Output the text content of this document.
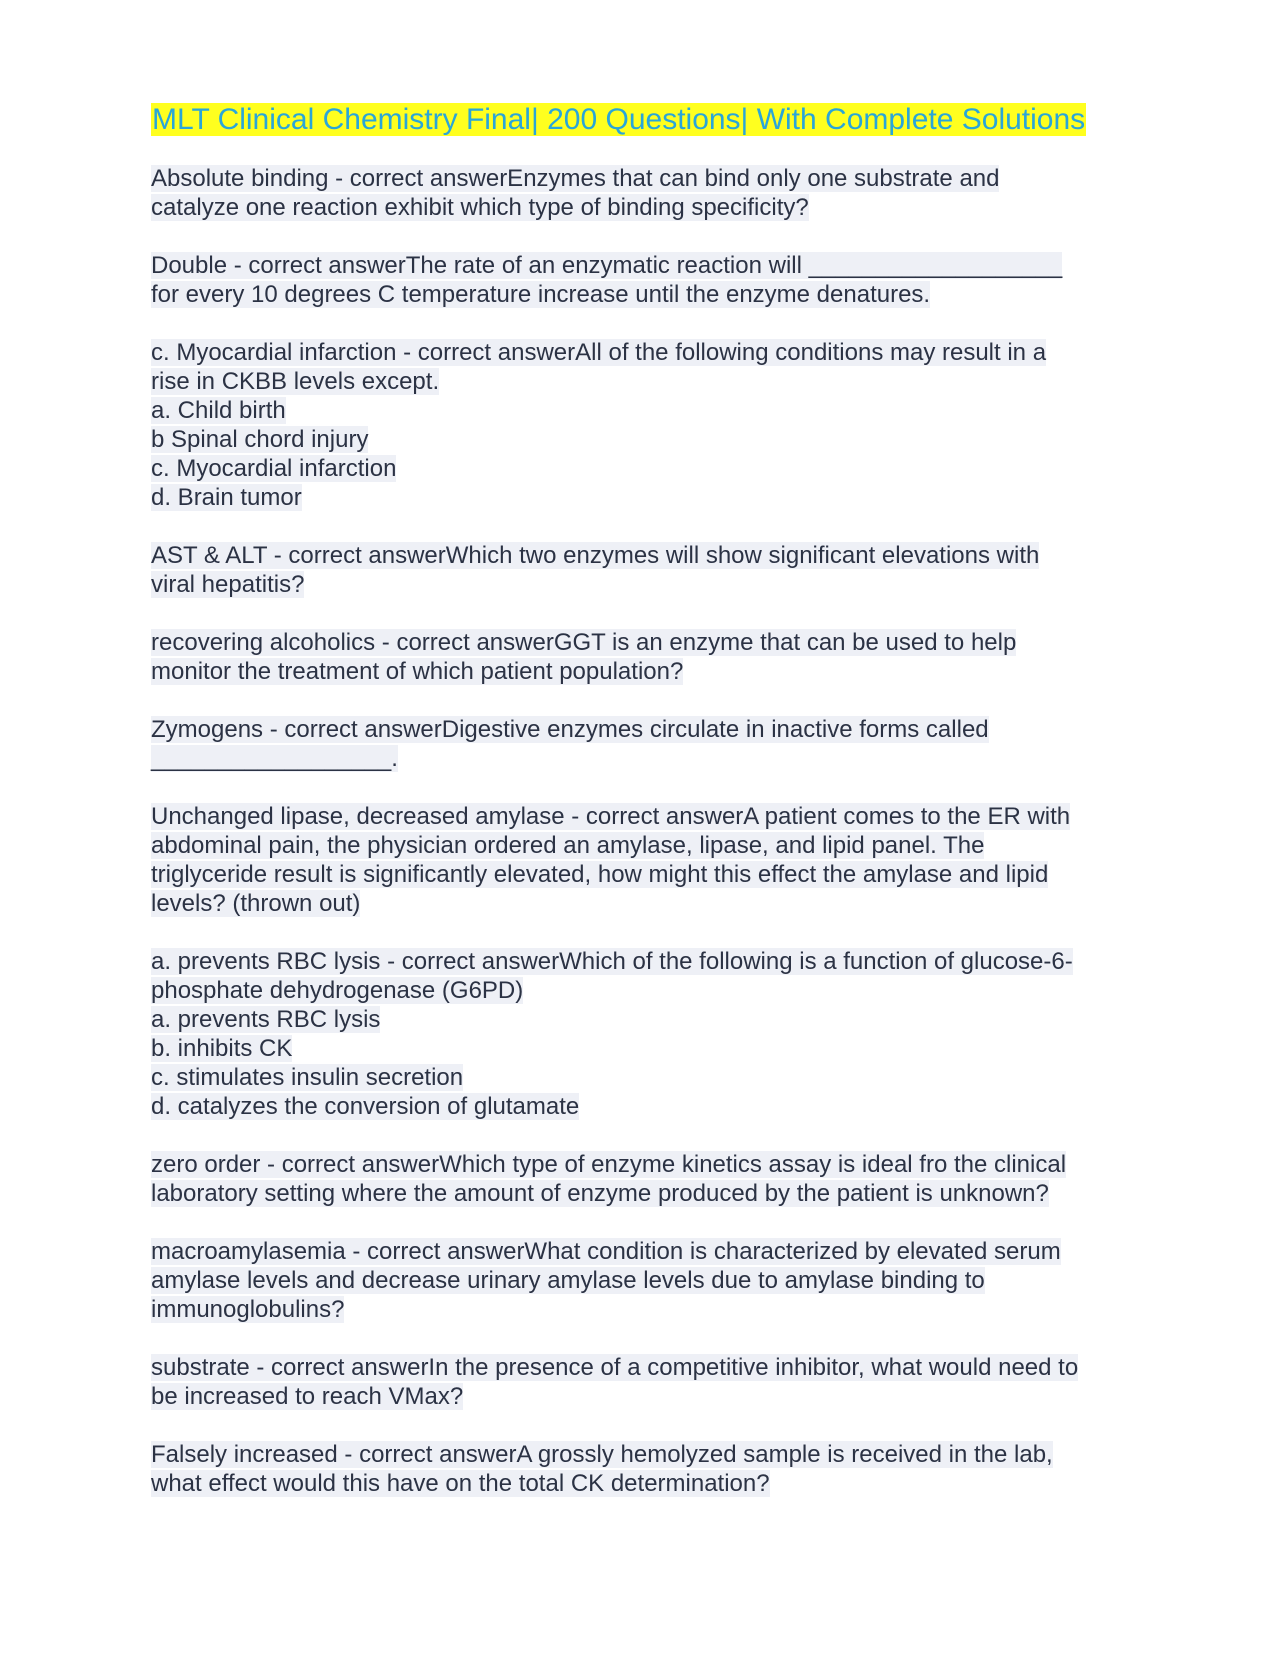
MLT Clinical Chemistry Final| 200 Questions| With Complete Solutions
Absolute binding - correct answerEnzymes that can bind only one substrate and
catalyze one reaction exhibit which type of binding specificity?
Double - correct answerThe rate of an enzymatic reaction will ___________________
for every 10 degrees C temperature increase until the enzyme denatures.
c. Myocardial infarction - correct answerAll of the following conditions may result in a
rise in CKBB levels except.
a. Child birth
b Spinal chord injury
c. Myocardial infarction
d. Brain tumor
AST & ALT - correct answerWhich two enzymes will show significant elevations with
viral hepatitis?
recovering alcoholics - correct answerGGT is an enzyme that can be used to help
monitor the treatment of which patient population?
Zymogens - correct answerDigestive enzymes circulate in inactive forms called
__________________.
Unchanged lipase, decreased amylase - correct answerA patient comes to the ER with
abdominal pain, the physician ordered an amylase, lipase, and lipid panel. The
triglyceride result is significantly elevated, how might this effect the amylase and lipid
levels? (thrown out)
a. prevents RBC lysis - correct answerWhich of the following is a function of glucose-6-
phosphate dehydrogenase (G6PD)
a. prevents RBC lysis
b. inhibits CK
c. stimulates insulin secretion
d. catalyzes the conversion of glutamate
zero order - correct answerWhich type of enzyme kinetics assay is ideal fro the clinical
laboratory setting where the amount of enzyme produced by the patient is unknown?
macroamylasemia - correct answerWhat condition is characterized by elevated serum
amylase levels and decrease urinary amylase levels due to amylase binding to
immunoglobulins?
substrate - correct answerIn the presence of a competitive inhibitor, what would need to
be increased to reach VMax?
Falsely increased - correct answerA grossly hemolyzed sample is received in the lab,
what effect would this have on the total CK determination?
